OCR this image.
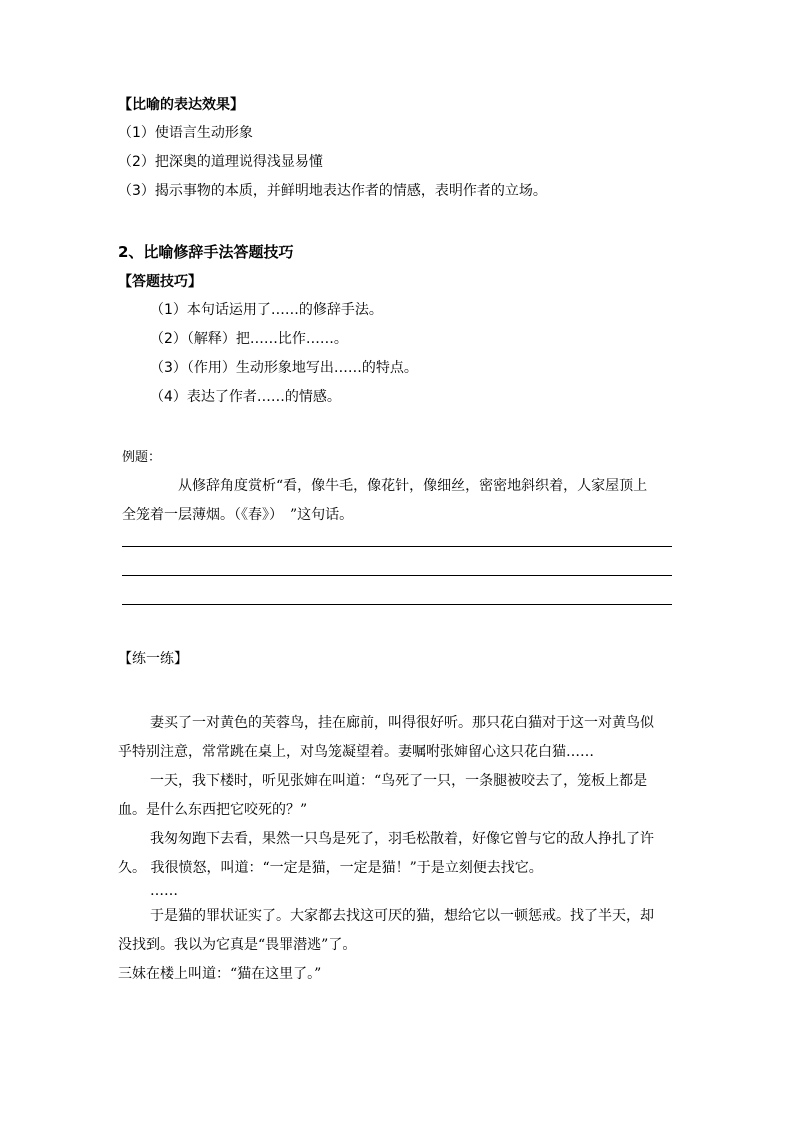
【比喻的表达效果】
（1）使语言生动形象
（2）把深奥的道理说得浅显易懂
（3）揭示事物的本质，并鲜明地表达作者的情感，表明作者的立场。
2、比喻修辞手法答题技巧
【答题技巧】
（1）本句话运用了……的修辞手法。
（2）（解释）把……比作……。
（3）（作用）生动形象地写出……的特点。
（4）表达了作者……的情感。
例题：
从修辞角度赏析“看，像牛毛，像花针，像细丝，密密地斜织着，人家屋顶上
全笼着一层薄烟。（《春》）　”这句话。
【练一练】
妻买了一对黄色的芙蓉鸟，挂在廊前，叫得很好听。那只花白猫对于这一对黄鸟似
乎特别注意，常常跳在桌上，对鸟笼凝望着。妻嘱咐张婶留心这只花白猫……
一天，我下楼时，听见张婶在叫道：“鸟死了一只，一条腿被咬去了，笼板上都是
血。是什么东西把它咬死的？”
我匆匆跑下去看，果然一只鸟是死了，羽毛松散着，好像它曾与它的敌人挣扎了许
久。 我很愤怒，叫道：“一定是猫，一定是猫！”于是立刻便去找它。
……
于是猫的罪状证实了。大家都去找这可厌的猫，想给它以一顿惩戒。找了半天，却
没找到。我以为它真是“畏罪潜逃”了。
三妹在楼上叫道：“猫在这里了。”
